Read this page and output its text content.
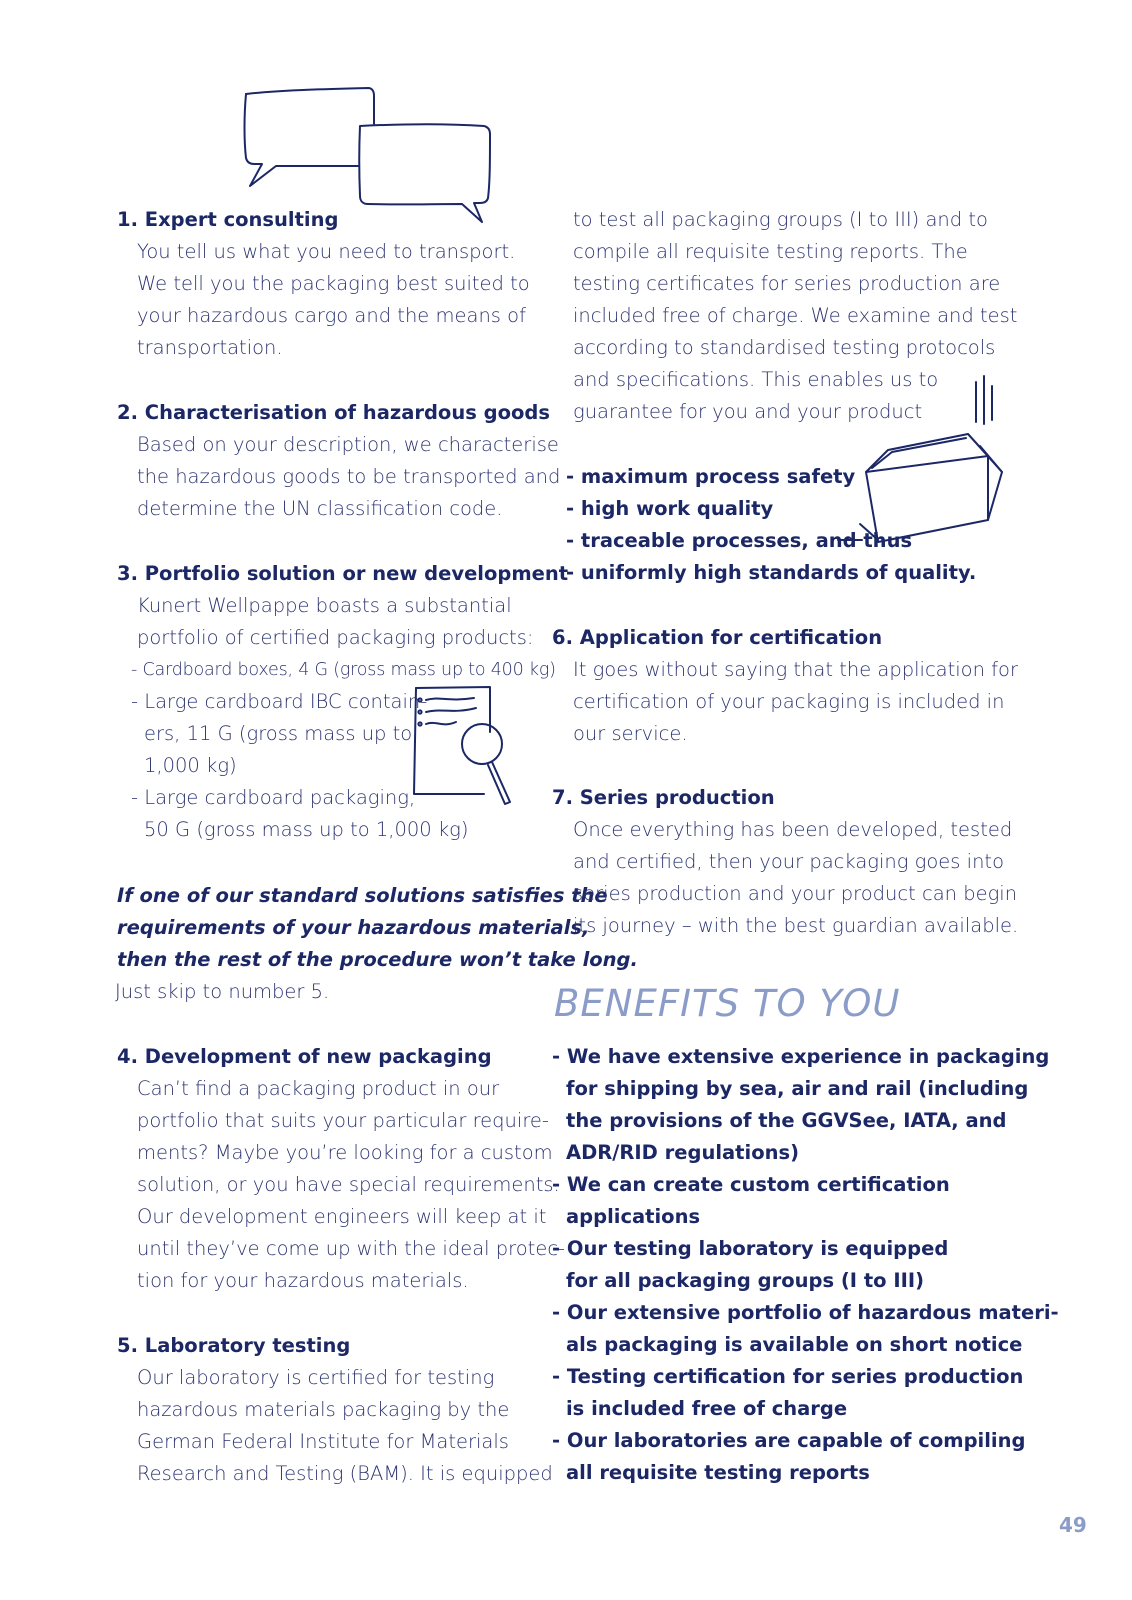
1. Expert consulting
You tell us what you need to transport.
We tell you the packaging best suited to
your hazardous cargo and the means of
transportation.
2. Characterisation of hazardous goods
Based on your description, we characterise
the hazardous goods to be transported and
determine the UN classification code.
3. Portfolio solution or new development
Kunert Wellpappe boasts a substantial
portfolio of certified packaging products:
- Cardboard boxes, 4 G (gross mass up to 400 kg)
- Large cardboard IBC contain-
ers, 11 G (gross mass up to
1,000 kg)
- Large cardboard packaging,
50 G (gross mass up to 1,000 kg)
If one of our standard solutions satisfies the
requirements of your hazardous materials,
then the rest of the procedure won’t take long.
Just skip to number 5.
4. Development of new packaging
Can’t find a packaging product in our
portfolio that suits your particular require-
ments? Maybe you’re looking for a custom
solution, or you have special requirements.
Our development engineers will keep at it
until they’ve come up with the ideal protec-
tion for your hazardous materials.
5. Laboratory testing
Our laboratory is certified for testing
hazardous materials packaging by the
German Federal Institute for Materials
Research and Testing (BAM). It is equipped
to test all packaging groups (I to III) and to
compile all requisite testing reports. The
testing certificates for series production are
included free of charge. We examine and test
according to standardised testing protocols
and specifications. This enables us to
guarantee for you and your product
- maximum process safety
- high work quality
- traceable processes, and thus
- uniformly high standards of quality.
6. Application for certification
It goes without saying that the application for
certification of your packaging is included in
our service.
7. Series production
Once everything has been developed, tested
and certified, then your packaging goes into
series production and your product can begin
its journey – with the best guardian available.
BENEFITS TO YOU
- We have extensive experience in packaging
for shipping by sea, air and rail (including
the provisions of the GGVSee, IATA, and
ADR/RID regulations)
- We can create custom certification
applications
- Our testing laboratory is equipped
for all packaging groups (I to III)
- Our extensive portfolio of hazardous materi-
als packaging is available on short notice
- Testing certification for series production
is included free of charge
- Our laboratories are capable of compiling
all requisite testing reports
49
